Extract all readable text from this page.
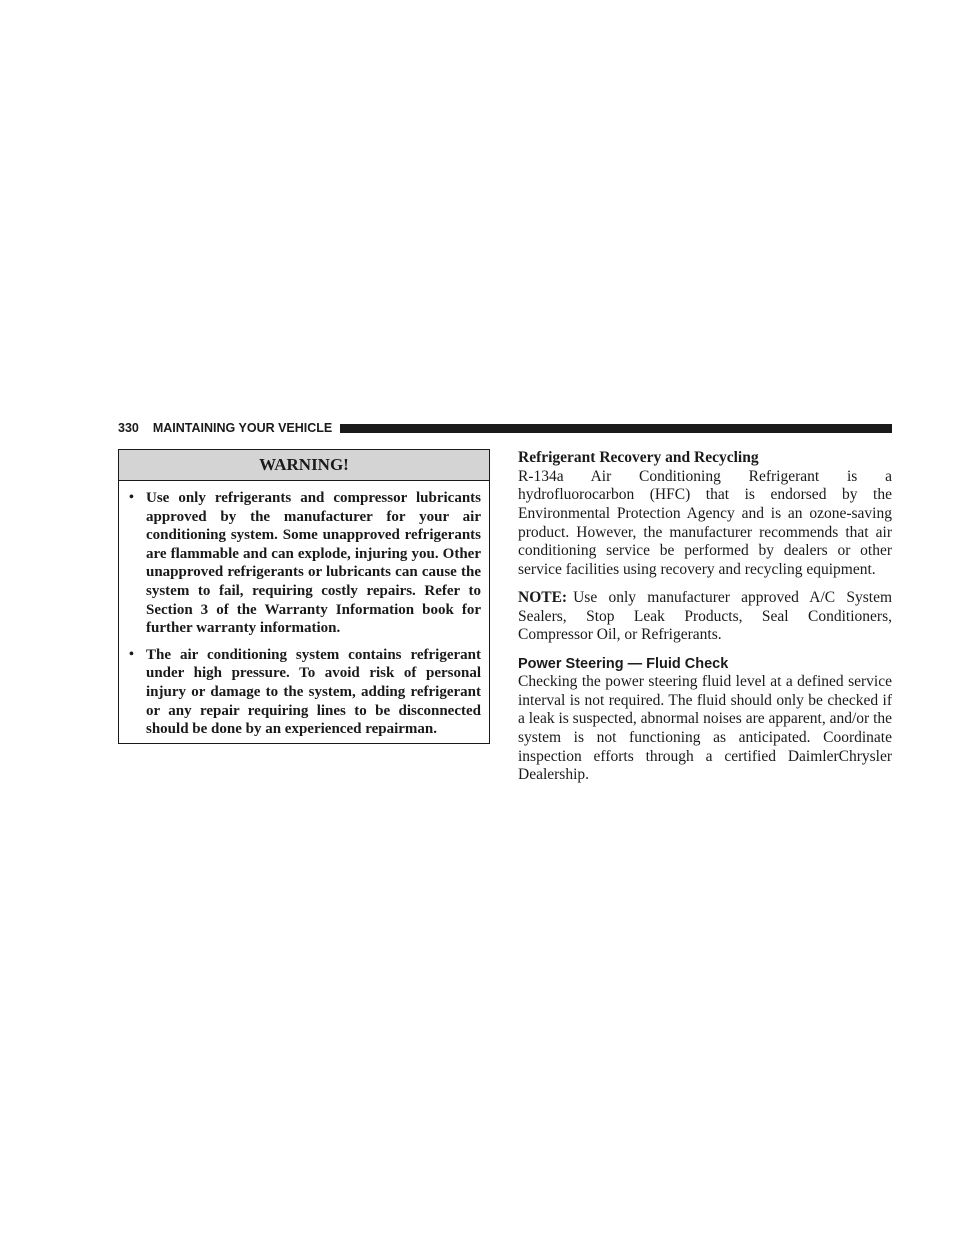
330 MAINTAINING YOUR VEHICLE
WARNING!
• Use only refrigerants and compressor lubricants approved by the manufacturer for your air conditioning system. Some unapproved refrigerants are flammable and can explode, injuring you. Other unapproved refrigerants or lubricants can cause the system to fail, requiring costly repairs. Refer to Section 3 of the Warranty Information book for further warranty information.
• The air conditioning system contains refrigerant under high pressure. To avoid risk of personal injury or damage to the system, adding refrigerant or any repair requiring lines to be disconnected should be done by an experienced repairman.

Refrigerant Recovery and Recycling

R-134a Air Conditioning Refrigerant is a hydrofluorocarbon (HFC) that is endorsed by the Environmental Protection Agency and is an ozone-saving product. However, the manufacturer recommends that air conditioning service be performed by dealers or other service facilities using recovery and recycling equipment.

NOTE: Use only manufacturer approved A/C System Sealers, Stop Leak Products, Seal Conditioners, Compressor Oil, or Refrigerants.

Power Steering — Fluid Check

Checking the power steering fluid level at a defined service interval is not required. The fluid should only be checked if a leak is suspected, abnormal noises are apparent, and/or the system is not functioning as anticipated. Coordinate inspection efforts through a certified DaimlerChrysler Dealership.
